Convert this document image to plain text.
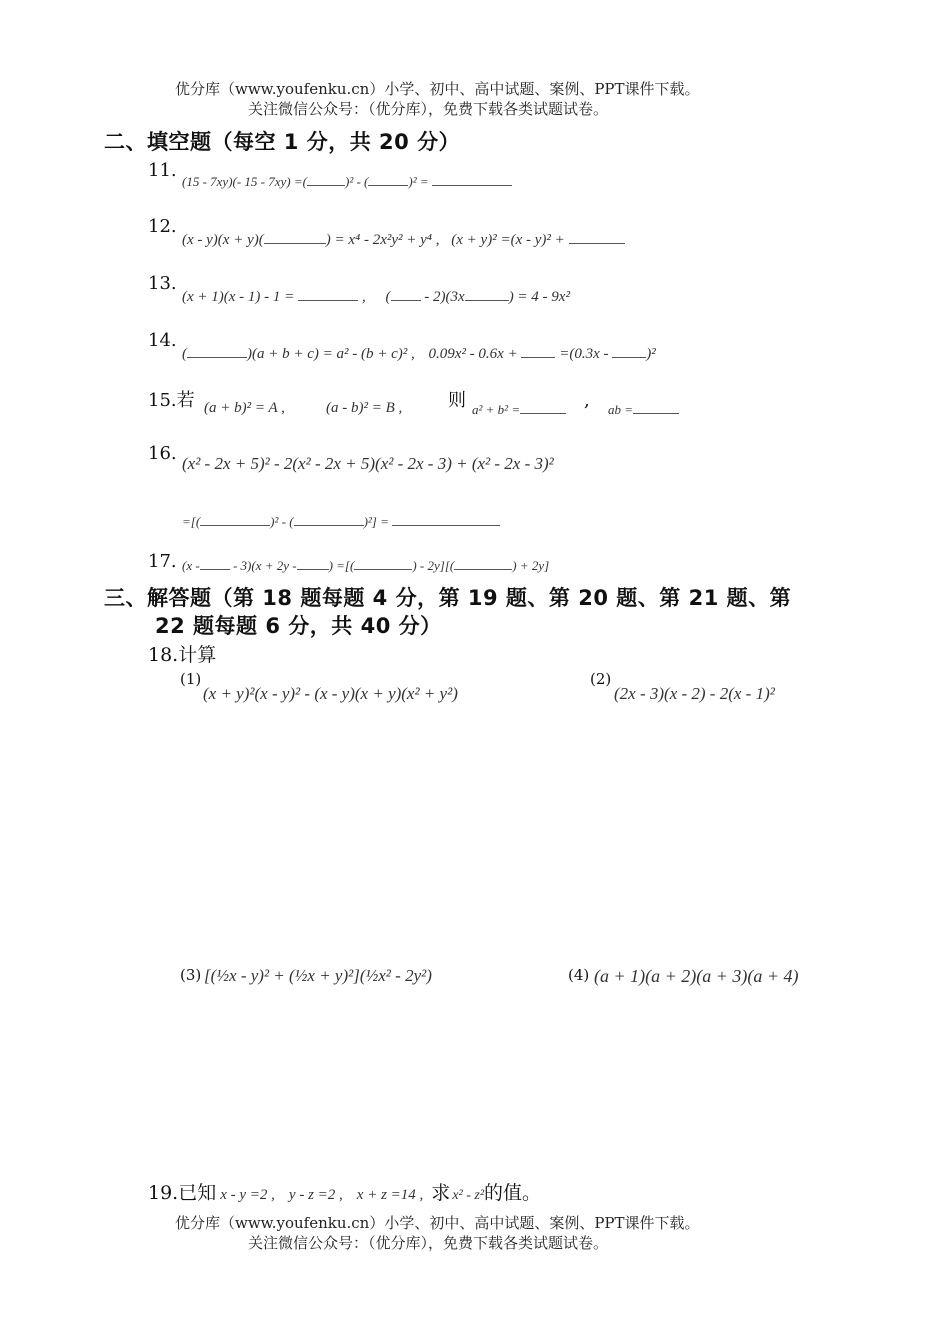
优分库（www.youfenku.cn）小学、初中、高中试题、案例、PPT课件下载。
关注微信公众号：（优分库），免费下载各类试题试卷。
二、填空题（每空 1 分，共 20 分）
11.
(15 - 7xy)(- 15 - 7xy) =(	)² - (	)² =
12.
(x - y)(x + y)(	) = x⁴ - 2x²y² + y⁴ , (x + y)² =(x - y)² +
13.
(x + 1)(x - 1) - 1 =	, ( - 2)(3x	) = 4 - 9x²
14.
(	)(a + b + c) = a² - (b + c)² , 0.09x² - 0.6x +	=(0.3x -	)²
15.若 (a + b)² = A ,	(a - b)² = B ,	则 a² + b² =	, ab =
16. (x² - 2x + 5)² - 2(x² - 2x + 5)(x² - 2x - 3) + (x² - 2x - 3)²
=[(	)² - (	)²] =
17. (x - - 3)(x + 2y - ) =[(	) - 2y][(	) + 2y]
三、解答题（第 18 题每题 4 分，第 19 题、第 20 题、第 21 题、第
22 题每题 6 分，共 40 分）
18.计算
(1)
(x + y)²(x - y)² - (x - y)(x + y)(x² + y²)
(2)
(2x - 3)(x - 2) - 2(x - 1)²
(3) [(½x - y)² + (½x + y)²](½x² - 2y²)	(4) (a + 1)(a + 2)(a + 3)(a + 4)
19.已知 x - y =2 , y - z =2 , x + z =14 , 求 x² - z²的值。
优分库（www.youfenku.cn）小学、初中、高中试题、案例、PPT课件下载。
关注微信公众号：（优分库），免费下载各类试题试卷。
